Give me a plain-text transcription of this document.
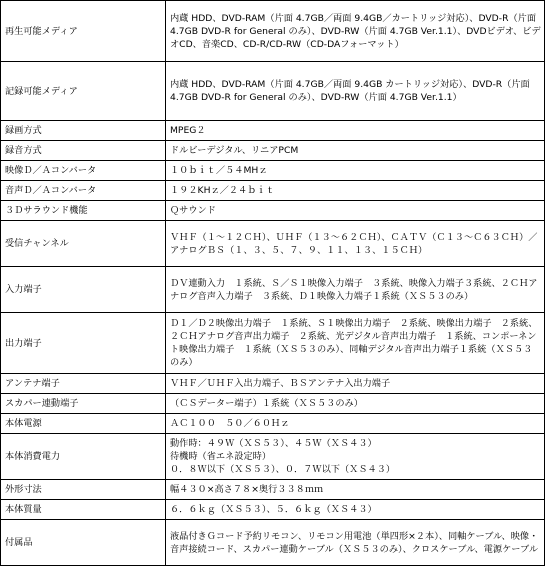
再生可能メディア	内蔵 HDD、DVD-RAM（片面 4.7GB／両面 9.4GB／カートリッジ対応）、DVD-R（片面 4.7GB DVD-R for General のみ）、DVD-RW（片面 4.7GB Ver.1.1）、DVDビデオ、ビデオCD、音楽CD、CD-R/CD-RW（CD-DAフォーマット）
記録可能メディア	内蔵 HDD、DVD-RAM（片面 4.7GB／両面 9.4GB カートリッジ対応）、DVD-R（片面 4.7GB DVD-R for General のみ）、DVD-RW（片面 4.7GB Ver.1.1）
録画方式	MPEG２
録音方式	ドルビーデジタル、リニアPCM
映像Ｄ／Ａコンバータ	１０ｂｉｔ／５４MHｚ
音声Ｄ／Ａコンバータ	１９２KHｚ／２４ｂｉｔ
３Ｄサラウンド機能	Ｑサウンド
受信チャンネル	ＶＨＦ（１～１２ＣＨ）、ＵＨＦ（１３～６２ＣＨ）、ＣＡＴＶ（Ｃ１３～Ｃ６３ＣＨ）／アナログＢＳ（１、３、５、７、９、１１、１３、１５ＣＨ）
入力端子	ＤＶ連動入力　１系統、Ｓ／Ｓ１映像入力端子　３系統、映像入力端子３系統、２ＣＨアナログ音声入力端子　３系統、Ｄ１映像入力端子１系統（ＸＳ５３のみ）
出力端子	Ｄ１／Ｄ２映像出力端子　１系統、Ｓ１映像出力端子　２系統、映像出力端子　２系統、２ＣＨアナログ音声出力端子　２系統、光デジタル音声出力端子　１系統、コンポーネント映像出力端子　１系統（ＸＳ５３のみ）、同軸デジタル音声出力端子１系統（ＸＳ５３のみ）
アンテナ端子	ＶＨＦ／ＵＨＦ入出力端子、ＢＳアンテナ入出力端子
スカパー連動端子	（ＣＳデーター端子）１系統（ＸＳ５３のみ）
本体電源	ＡＣ１００　５０／６０Ｈｚ
本体消費電力	動作時：４９Ｗ（ＸＳ５３）、４５Ｗ（ＸＳ４３）
待機時（省エネ設定時）
０．８Ｗ以下（ＸＳ５３）、０．７Ｗ以下（ＸＳ４３）

外形寸法	幅４３０×高さ７８×奥行３３８ｍｍ
本体質量	６．６ｋｇ（ＸＳ５３）、５．６ｋｇ（ＸＳ４３）
付属品	液晶付きＧコード予約リモコン、リモコン用電池（単四形×２本）、同軸ケーブル、映像・音声接続コード、スカパー連動ケーブル（ＸＳ５３のみ）、クロスケーブル、電源ケーブル
